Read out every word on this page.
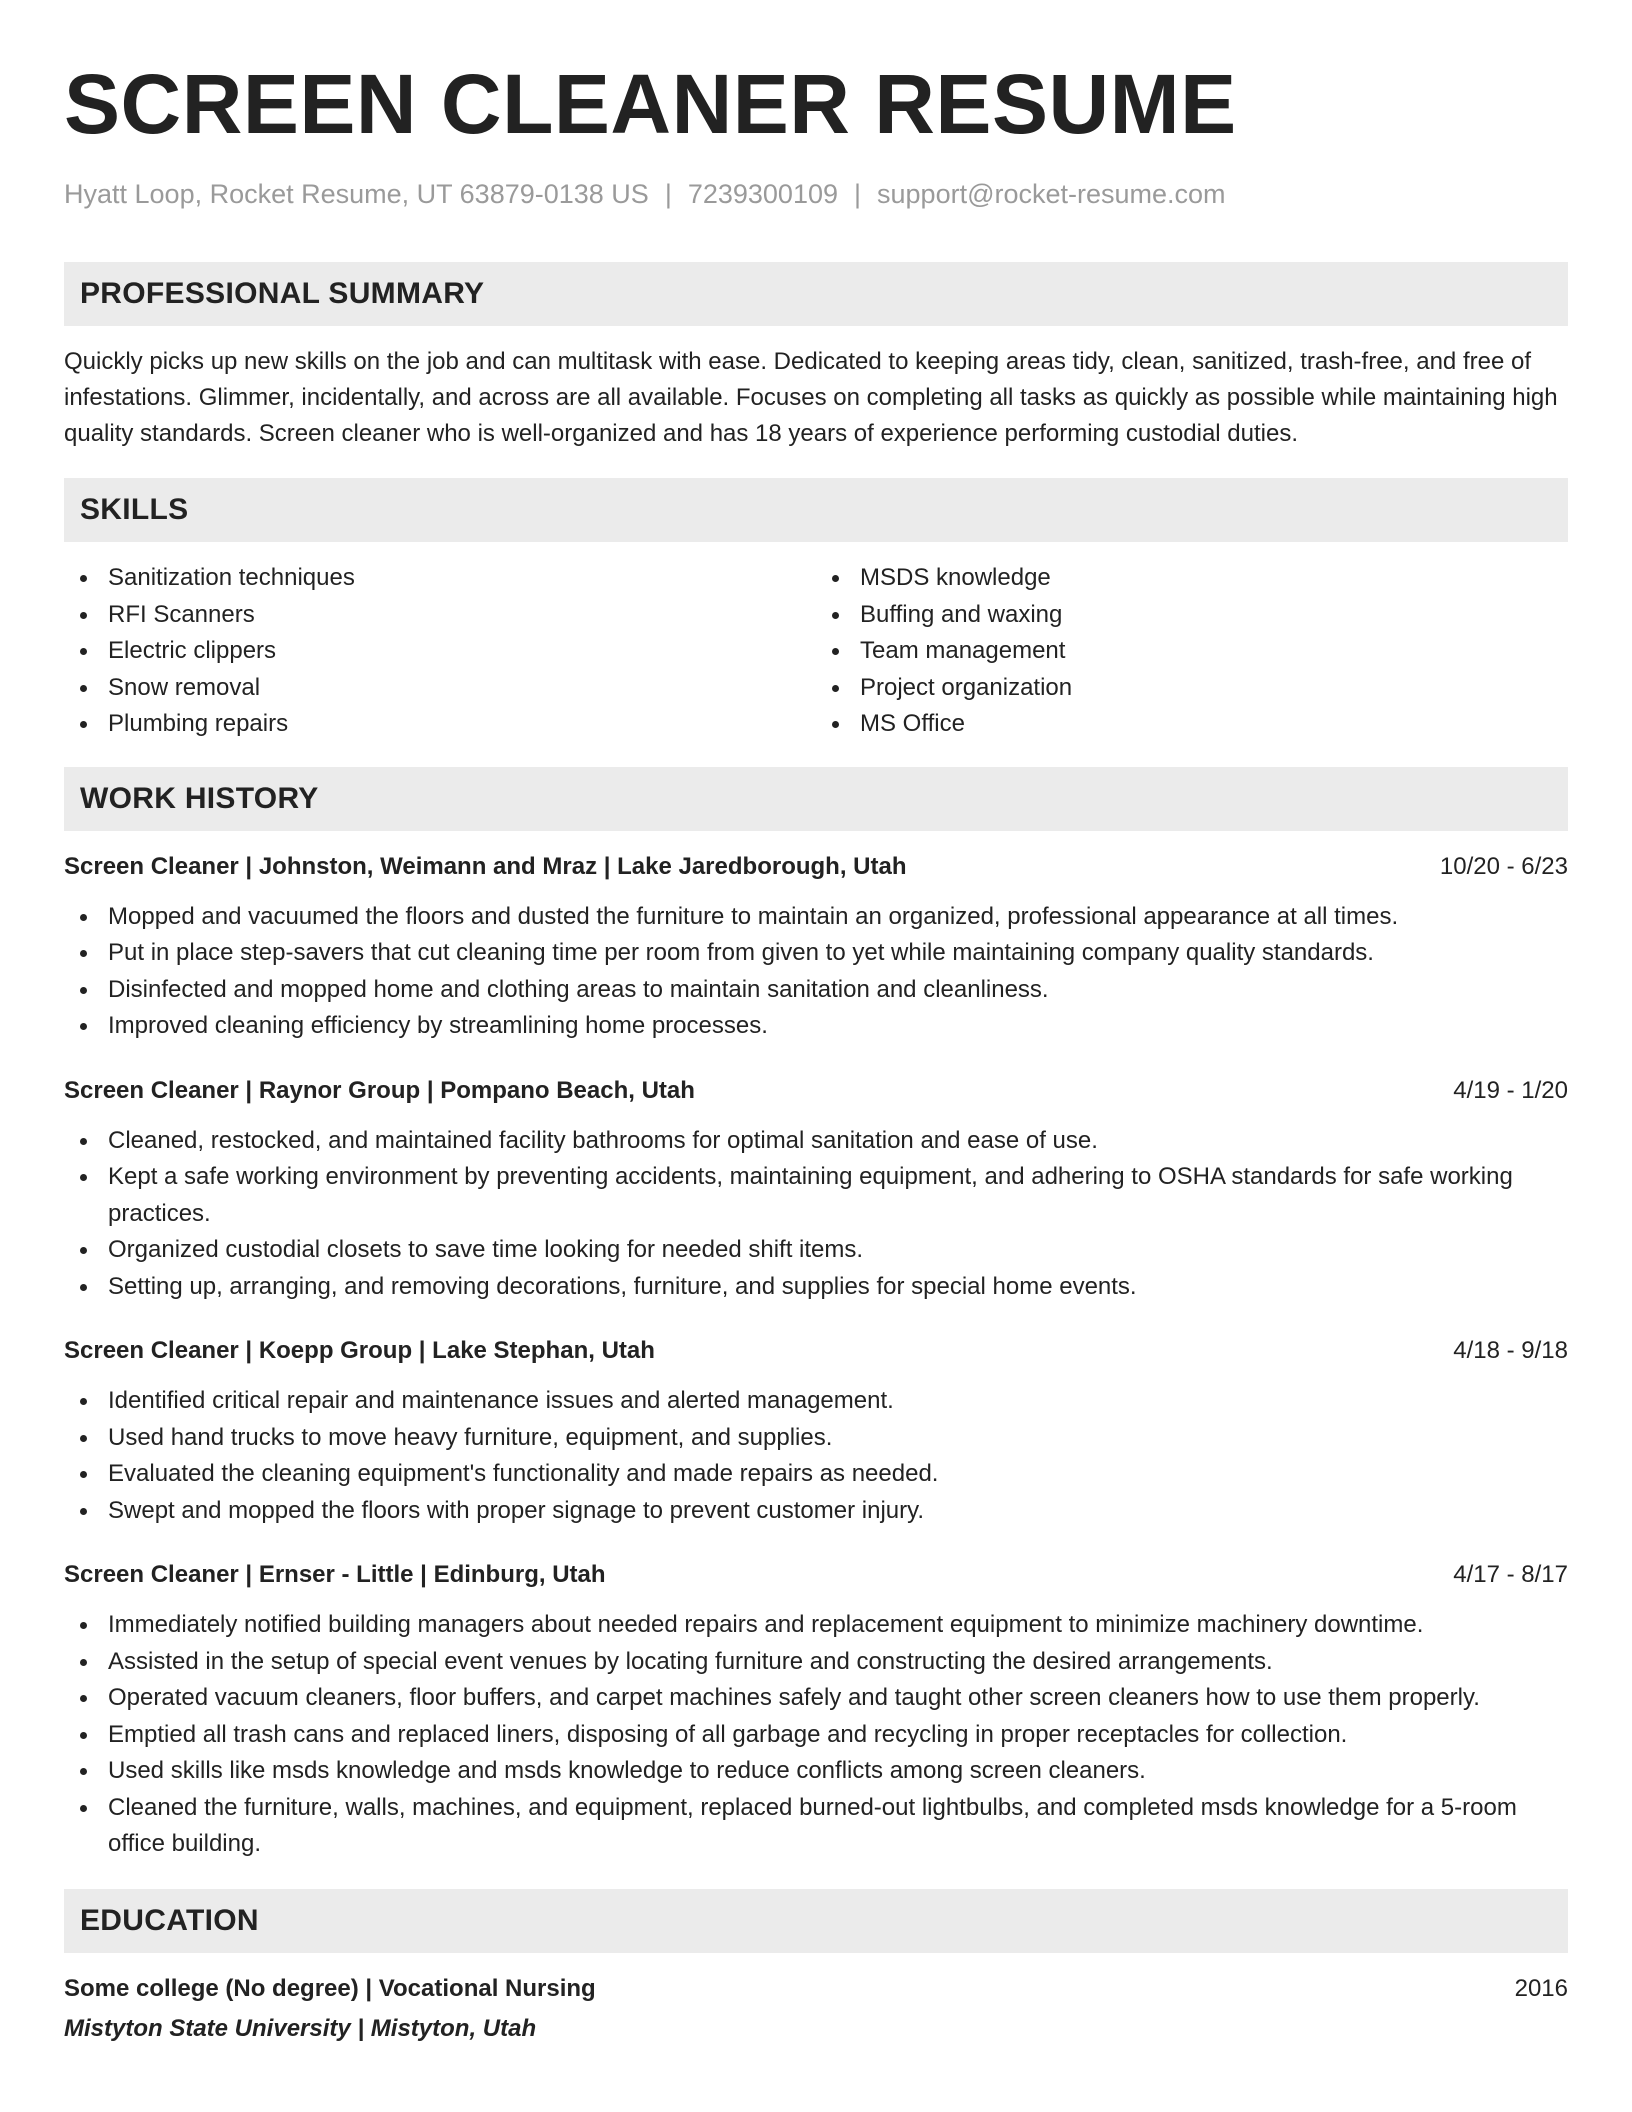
SCREEN CLEANER RESUME
Hyatt Loop, Rocket Resume, UT 63879-0138 US | 7239300109 | support@rocket-resume.com
PROFESSIONAL SUMMARY

Quickly picks up new skills on the job and can multitask with ease. Dedicated to keeping areas tidy, clean, sanitized, trash-free, and free of infestations. Glimmer, incidentally, and across are all available. Focuses on completing all tasks as quickly as possible while maintaining high quality standards. Screen cleaner who is well-organized and has 18 years of experience performing custodial duties.

SKILLS
Sanitization techniques
RFI Scanners
Electric clippers
Snow removal
Plumbing repairs
MSDS knowledge
Buffing and waxing
Team management
Project organization
MS Office
WORK HISTORY
Screen Cleaner | Johnston, Weimann and Mraz | Lake Jaredborough, Utah	10/20 - 6/23
Mopped and vacuumed the floors and dusted the furniture to maintain an organized, professional appearance at all times.
Put in place step-savers that cut cleaning time per room from given to yet while maintaining company quality standards.
Disinfected and mopped home and clothing areas to maintain sanitation and cleanliness.
Improved cleaning efficiency by streamlining home processes.
Screen Cleaner | Raynor Group | Pompano Beach, Utah	4/19 - 1/20
Cleaned, restocked, and maintained facility bathrooms for optimal sanitation and ease of use.
Kept a safe working environment by preventing accidents, maintaining equipment, and adhering to OSHA standards for safe working practices.
Organized custodial closets to save time looking for needed shift items.
Setting up, arranging, and removing decorations, furniture, and supplies for special home events.
Screen Cleaner | Koepp Group | Lake Stephan, Utah	4/18 - 9/18
Identified critical repair and maintenance issues and alerted management.
Used hand trucks to move heavy furniture, equipment, and supplies.
Evaluated the cleaning equipment's functionality and made repairs as needed.
Swept and mopped the floors with proper signage to prevent customer injury.
Screen Cleaner | Ernser - Little | Edinburg, Utah	4/17 - 8/17
Immediately notified building managers about needed repairs and replacement equipment to minimize machinery downtime.
Assisted in the setup of special event venues by locating furniture and constructing the desired arrangements.
Operated vacuum cleaners, floor buffers, and carpet machines safely and taught other screen cleaners how to use them properly.
Emptied all trash cans and replaced liners, disposing of all garbage and recycling in proper receptacles for collection.
Used skills like msds knowledge and msds knowledge to reduce conflicts among screen cleaners.
Cleaned the furniture, walls, machines, and equipment, replaced burned-out lightbulbs, and completed msds knowledge for a 5-room office building.
EDUCATION
Some college (No degree) | Vocational Nursing	2016
Mistyton State University | Mistyton, Utah
